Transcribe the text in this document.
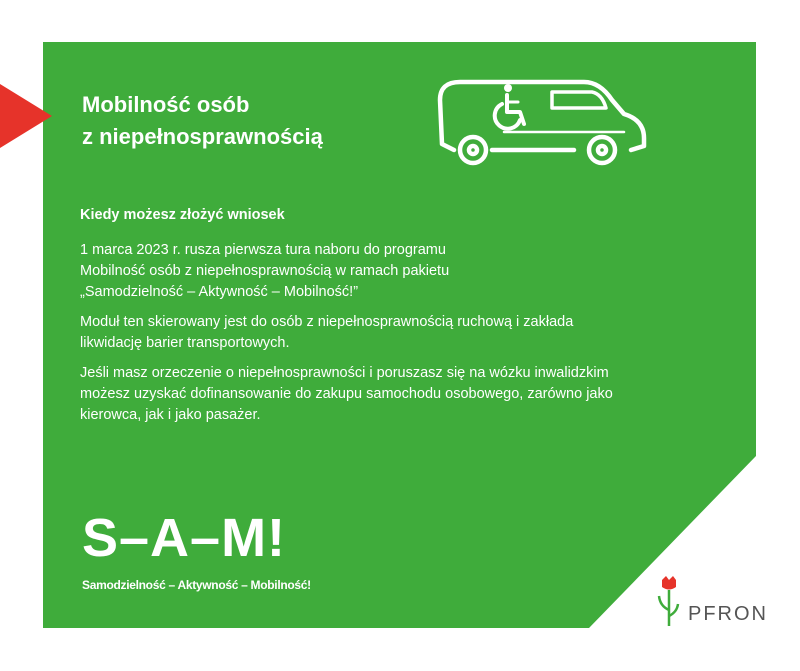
Mobilność osób
z niepełnosprawnością
Kiedy możesz złożyć wniosek
1 marca 2023 r. rusza pierwsza tura naboru do programu
Mobilność osób z niepełnosprawnością w ramach pakietu
„Samodzielność – Aktywność – Mobilność!”
Moduł ten skierowany jest do osób z niepełnosprawnością ruchową i zakłada
likwidację barier transportowych.
Jeśli masz orzeczenie o niepełnosprawności i poruszasz się na wózku inwalidzkim
możesz uzyskać dofinansowanie do zakupu samochodu osobowego, zarówno jako
kierowca, jak i jako pasażer.
S–A–M!
Samodzielność – Aktywność – Mobilność!
PFRON
